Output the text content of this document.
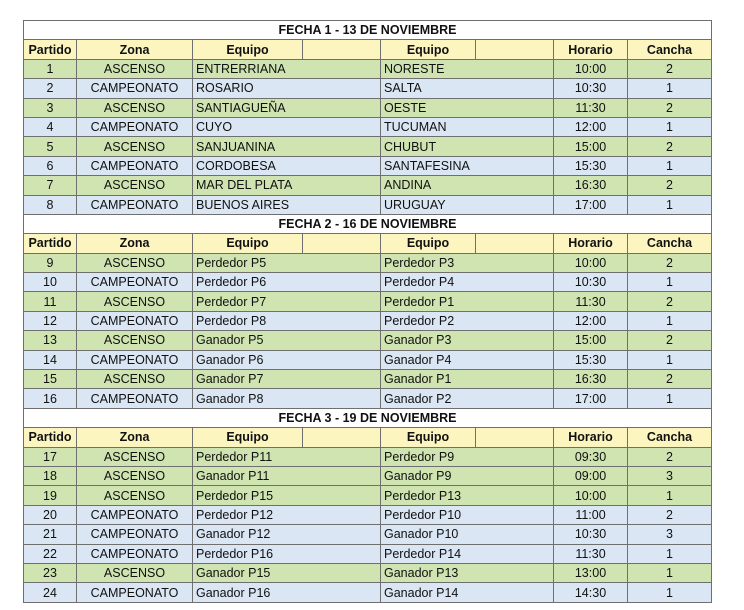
FECHA 1 - 13 DE NOVIEMBRE							
Partido	Zona	Equipo		Equipo		Horario	Cancha
1	ASCENSO	ENTRERRIANA		NORESTE		10:00	2
2	CAMPEONATO	ROSARIO		SALTA		10:30	1
3	ASCENSO	SANTIAGUEÑA		OESTE		11:30	2
4	CAMPEONATO	CUYO		TUCUMAN		12:00	1
5	ASCENSO	SANJUANINA		CHUBUT		15:00	2
6	CAMPEONATO	CORDOBESA		SANTAFESINA		15:30	1
7	ASCENSO	MAR DEL PLATA		ANDINA		16:30	2
8	CAMPEONATO	BUENOS AIRES		URUGUAY		17:00	1
FECHA 2 - 16 DE NOVIEMBRE							
Partido	Zona	Equipo		Equipo		Horario	Cancha
9	ASCENSO	Perdedor P5		Perdedor P3		10:00	2
10	CAMPEONATO	Perdedor P6		Perdedor P4		10:30	1
11	ASCENSO	Perdedor P7		Perdedor P1		11:30	2
12	CAMPEONATO	Perdedor P8		Perdedor P2		12:00	1
13	ASCENSO	Ganador P5		Ganador P3		15:00	2
14	CAMPEONATO	Ganador P6		Ganador P4		15:30	1
15	ASCENSO	Ganador P7		Ganador P1		16:30	2
16	CAMPEONATO	Ganador P8		Ganador P2		17:00	1
FECHA 3 - 19 DE NOVIEMBRE							
Partido	Zona	Equipo		Equipo		Horario	Cancha
17	ASCENSO	Perdedor P11		Perdedor P9		09:30	2
18	ASCENSO	Ganador P11		Ganador P9		09:00	3
19	ASCENSO	Perdedor P15		Perdedor P13		10:00	1
20	CAMPEONATO	Perdedor P12		Perdedor P10		11:00	2
21	CAMPEONATO	Ganador P12		Ganador P10		10:30	3
22	CAMPEONATO	Perdedor P16		Perdedor P14		11:30	1
23	ASCENSO	Ganador P15		Ganador P13		13:00	1
24	CAMPEONATO	Ganador P16		Ganador P14		14:30	1
